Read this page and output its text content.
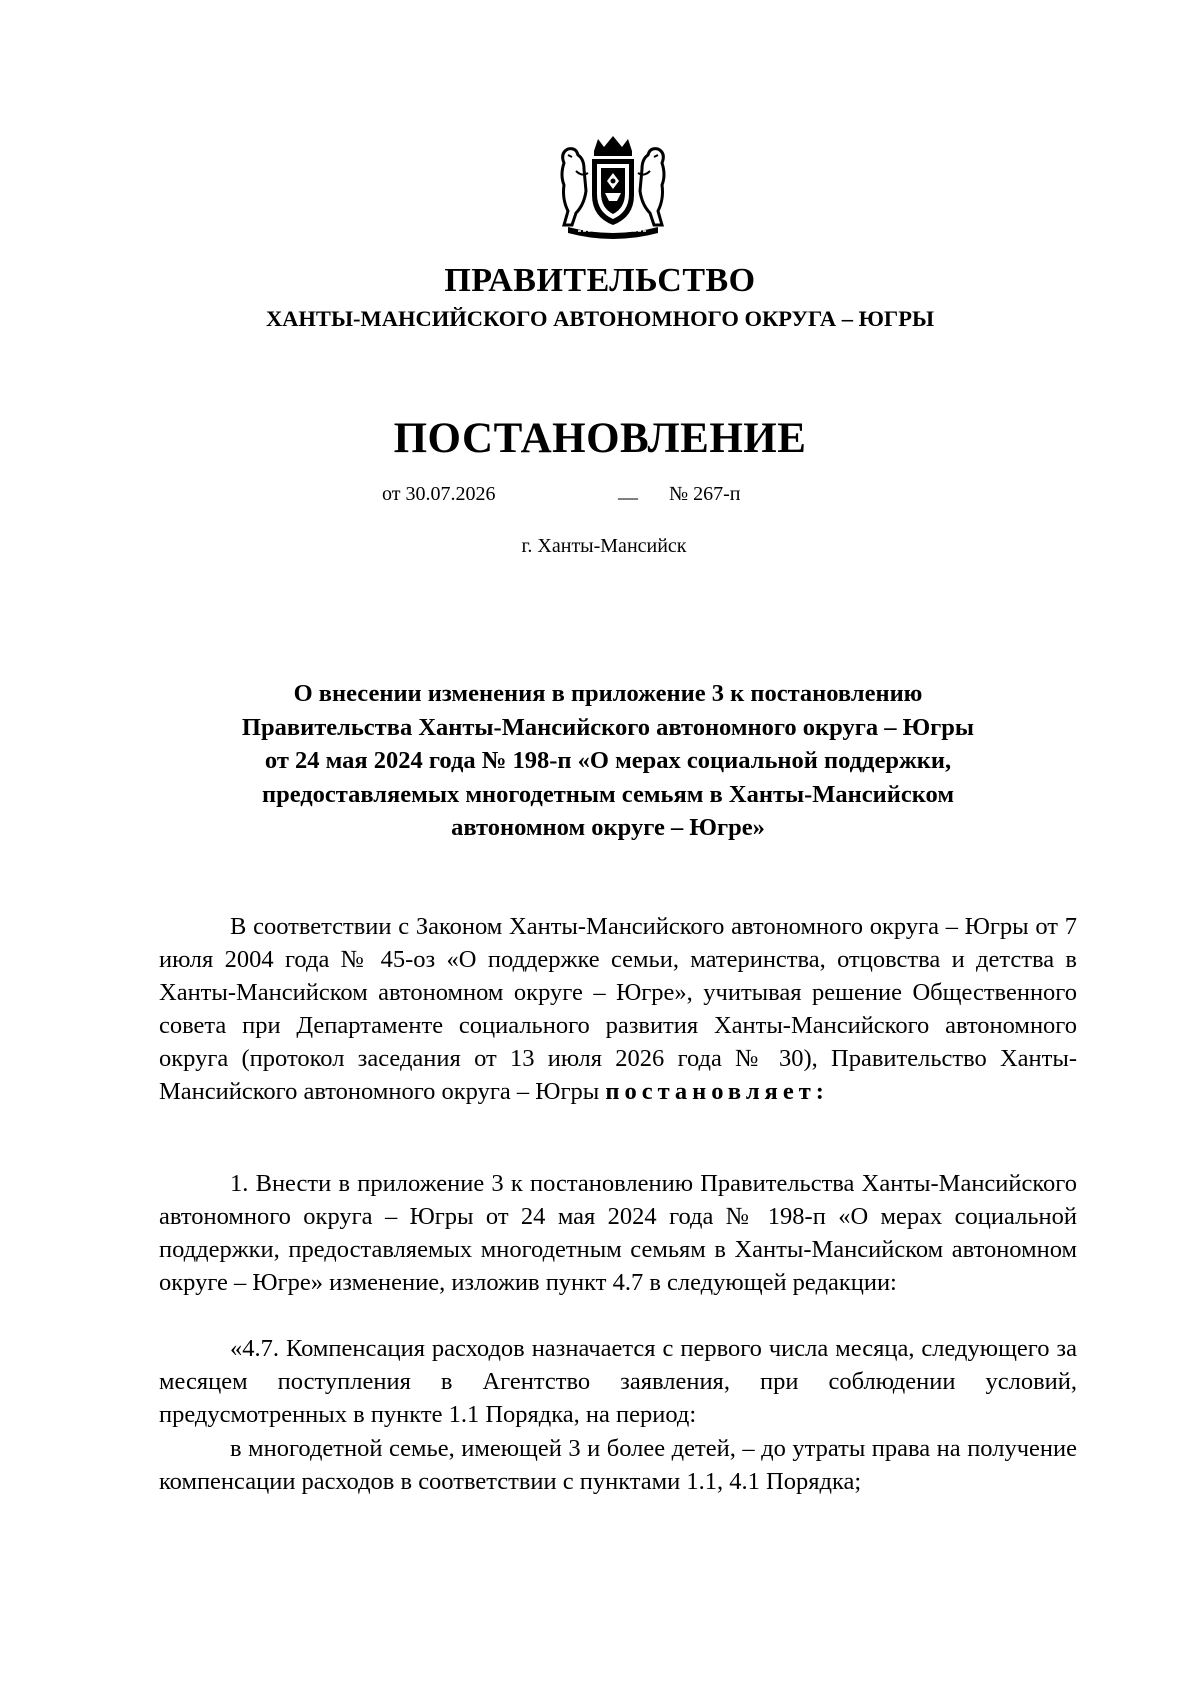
ПРАВИТЕЛЬСТВО
ХАНТЫ-МАНСИЙСКОГО АВТОНОМНОГО ОКРУГА – ЮГРЫ
ПОСТАНОВЛЕНИЕ
от 30.07.2026	__ № 267-п
г. Ханты-Мансийск
О внесении изменения в приложение 3 к постановлению
Правительства Ханты-Мансийского автономного округа – Югры
от 24 мая 2024 года № 198-п «О мерах социальной поддержки,
предоставляемых многодетным семьям в Ханты-Мансийском
автономном округе – Югре»

В соответствии с Законом Ханты-Мансийского автономного округа – Югры от 7 июля 2004 года № 45-оз «О поддержке семьи, материнства, отцовства и детства в Ханты-Мансийском автономном округе – Югре», учитывая решение Общественного совета при Департаменте социального развития Ханты-Мансийского автономного округа (протокол заседания от 13 июля 2026 года № 30), Правительство Ханты-Мансийского автономного округа – Югры постановляет:

1. Внести в приложение 3 к постановлению Правительства Ханты-Мансийского автономного округа – Югры от 24 мая 2024 года № 198-п «О мерах социальной поддержки, предоставляемых многодетным семьям в Ханты-Мансийском автономном округе – Югре» изменение, изложив пункт 4.7 в следующей редакции:

«4.7. Компенсация расходов назначается с первого числа месяца, следующего за месяцем поступления в Агентство заявления, при соблюдении условий, предусмотренных в пункте 1.1 Порядка, на период:

в многодетной семье, имеющей 3 и более детей, – до утраты права на получение компенсации расходов в соответствии с пунктами 1.1, 4.1 Порядка;
